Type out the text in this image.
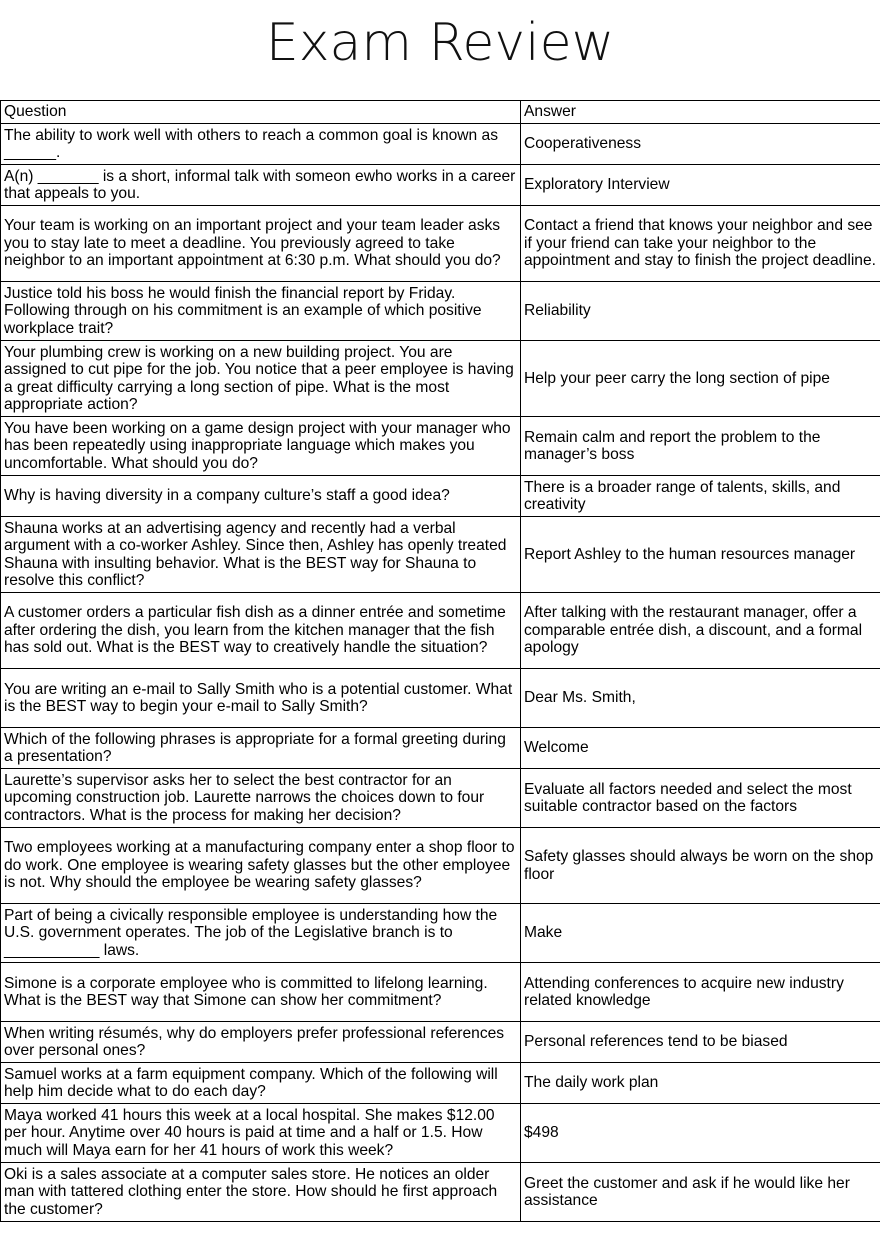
Exam Review
Question	Answer
The ability to work well with others to reach a common goal is known as ______.	Cooperativeness
A(n) _______ is a short, informal talk with someon ewho works in a career that appeals to you.	Exploratory Interview
Your team is working on an important project and your team leader asks you to stay late to meet a deadline. You previously agreed to take neighbor to an important appointment at 6:30 p.m. What should you do?	Contact a friend that knows your neighbor and see if your friend can take your neighbor to the appointment and stay to finish the project deadline.
Justice told his boss he would finish the financial report by Friday. Following through on his commitment is an example of which positive workplace trait?	Reliability
Your plumbing crew is working on a new building project. You are assigned to cut pipe for the job. You notice that a peer employee is having a great difficulty carrying a long section of pipe. What is the most appropriate action?	Help your peer carry the long section of pipe
You have been working on a game design project with your manager who has been repeatedly using inappropriate language which makes you uncomfortable. What should you do?	Remain calm and report the problem to the manager’s boss
Why is having diversity in a company culture’s staff a good idea?	There is a broader range of talents, skills, and creativity
Shauna works at an advertising agency and recently had a verbal argument with a co-worker Ashley. Since then, Ashley has openly treated Shauna with insulting behavior. What is the BEST way for Shauna to resolve this conflict?	Report Ashley to the human resources manager
A customer orders a particular fish dish as a dinner entrée and sometime after ordering the dish, you learn from the kitchen manager that the fish has sold out. What is the BEST way to creatively handle the situation?	After talking with the restaurant manager, offer a comparable entrée dish, a discount, and a formal apology
You are writing an e-mail to Sally Smith who is a potential customer. What is the BEST way to begin your e-mail to Sally Smith?	Dear Ms. Smith,
Which of the following phrases is appropriate for a formal greeting during a presentation?	Welcome
Laurette’s supervisor asks her to select the best contractor for an upcoming construction job. Laurette narrows the choices down to four contractors. What is the process for making her decision?	Evaluate all factors needed and select the most suitable contractor based on the factors
Two employees working at a manufacturing company enter a shop floor to do work. One employee is wearing safety glasses but the other employee is not. Why should the employee be wearing safety glasses?	Safety glasses should always be worn on the shop floor
Part of being a civically responsible employee is understanding how the U.S. government operates. The job of the Legislative branch is to ___________ laws.	Make
Simone is a corporate employee who is committed to lifelong learning. What is the BEST way that Simone can show her commitment?	Attending conferences to acquire new industry related knowledge
When writing résumés, why do employers prefer professional references over personal ones?	Personal references tend to be biased
Samuel works at a farm equipment company. Which of the following will help him decide what to do each day?	The daily work plan
Maya worked 41 hours this week at a local hospital. She makes $12.00 per hour. Anytime over 40 hours is paid at time and a half or 1.5. How much will Maya earn for her 41 hours of work this week?	$498
Oki is a sales associate at a computer sales store. He notices an older man with tattered clothing enter the store. How should he first approach the customer?	Greet the customer and ask if he would like her assistance
